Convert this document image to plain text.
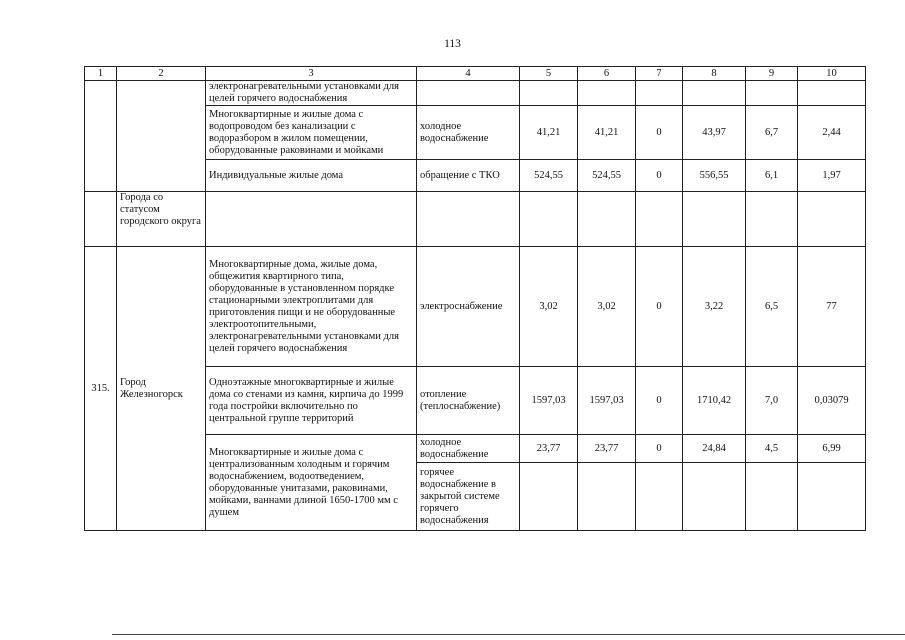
113
1	2	3	4	5	6	7	8	9	10
		электронагревательными установками для целей горячего водоснабжения							
		Многоквартирные и жилые дома с водопроводом без канализации с водоразбором в жилом помещении, оборудованные раковинами и мойками	холодное водоснабжение	41,21	41,21	0	43,97	6,7	2,44
		Индивидуальные жилые дома	обращение с ТКО	524,55	524,55	0	556,55	6,1	1,97
	Города со статусом городского округа								
315.	Город Железногорск	Многоквартирные дома, жилые дома, общежития квартирного типа, оборудованные в установленном порядке стационарными электроплитами для приготовления пищи и не оборудованные электроотопительными, электронагревательными установками для целей горячего водоснабжения	электроснабжение	3,02	3,02	0	3,22	6,5	77
		Одноэтажные многоквартирные и жилые дома со стенами из камня, кирпича до 1999 года постройки включительно по центральной группе территорий	отопление (теплоснабжение)	1597,03	1597,03	0	1710,42	7,0	0,03079
		Многоквартирные и жилые дома с централизованным холодным и горячим водоснабжением, водоотведением, оборудованные унитазами, раковинами, мойками, ваннами длиной 1650-1700 мм с душем	холодное водоснабжение	23,77	23,77	0	24,84	4,5	6,99
			горячее водоснабжение в закрытой системе горячего водоснабжения						
